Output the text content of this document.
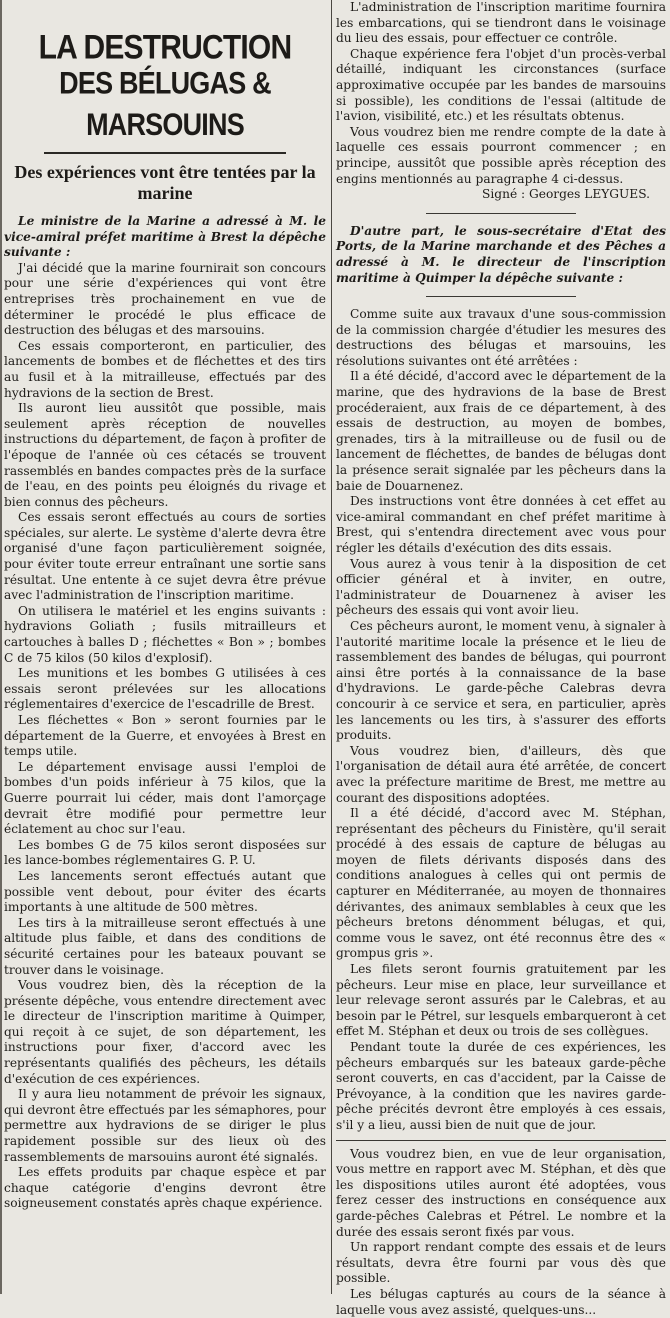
LA DESTRUCTION
DES BÉLUGAS & MARSOUINS
Des expériences vont être tentées par la marine

Le ministre de la Marine a adressé à M. le vice-amiral préfet maritime à Brest la dépêche suivante :

J'ai décidé que la marine fournirait son concours pour une série d'expériences qui vont être entreprises très prochainement en vue de déterminer le procédé le plus efficace de destruction des bélugas et des marsouins.

Ces essais comporteront, en particulier, des lancements de bombes et de fléchettes et des tirs au fusil et à la mitrailleuse, effectués par des hydravions de la section de Brest.

Ils auront lieu aussitôt que possible, mais seulement après réception de nouvelles instructions du département, de façon à profiter de l'époque de l'année où ces cétacés se trouvent rassemblés en bandes compactes près de la surface de l'eau, en des points peu éloignés du rivage et bien connus des pêcheurs.

Ces essais seront effectués au cours de sorties spéciales, sur alerte. Le système d'alerte devra être organisé d'une façon particulièrement soignée, pour éviter toute erreur entraînant une sortie sans résultat. Une entente à ce sujet devra être prévue avec l'administration de l'inscription maritime.

On utilisera le matériel et les engins suivants : hydravions Goliath ; fusils mitrailleurs et cartouches à balles D ; fléchettes « Bon » ; bombes C de 75 kilos (50 kilos d'explosif).

Les munitions et les bombes G utilisées à ces essais seront prélevées sur les allocations réglementaires d'exercice de l'escadrille de Brest.

Les fléchettes « Bon » seront fournies par le département de la Guerre, et envoyées à Brest en temps utile.

Le département envisage aussi l'emploi de bombes d'un poids inférieur à 75 kilos, que la Guerre pourrait lui céder, mais dont l'amorçage devrait être modifié pour permettre leur éclatement au choc sur l'eau.

Les bombes G de 75 kilos seront disposées sur les lance-bombes réglementaires G. P. U.

Les lancements seront effectués autant que possible vent debout, pour éviter des écarts importants à une altitude de 500 mètres.

Les tirs à la mitrailleuse seront effectués à une altitude plus faible, et dans des conditions de sécurité certaines pour les bateaux pouvant se trouver dans le voisinage.

Vous voudrez bien, dès la réception de la présente dépêche, vous entendre directement avec le directeur de l'inscription maritime à Quimper, qui reçoit à ce sujet, de son département, les instructions pour fixer, d'accord avec les représentants qualifiés des pêcheurs, les détails d'exécution de ces expériences.

Il y aura lieu notamment de prévoir les signaux, qui devront être effectués par les sémaphores, pour permettre aux hydravions de se diriger le plus rapidement possible sur des lieux où des rassemblements de marsouins auront été signalés.

Les effets produits par chaque espèce et par chaque catégorie d'engins devront être soigneusement constatés après chaque expérience.

L'administration de l'inscription maritime fournira les embarcations, qui se tiendront dans le voisinage du lieu des essais, pour effectuer ce contrôle.

Chaque expérience fera l'objet d'un procès-verbal détaillé, indiquant les circonstances (surface approximative occupée par les bandes de marsouins si possible), les conditions de l'essai (altitude de l'avion, visibilité, etc.) et les résultats obtenus.

Vous voudrez bien me rendre compte de la date à laquelle ces essais pourront commencer ; en principe, aussitôt que possible après réception des engins mentionnés au paragraphe 4 ci-dessus.

Signé : Georges LEYGUES.

D'autre part, le sous-secrétaire d'Etat des Ports, de la Marine marchande et des Pêches a adressé à M. le directeur de l'inscription maritime à Quimper la dépêche suivante :

Comme suite aux travaux d'une sous-commission de la commission chargée d'étudier les mesures des destructions des bélugas et marsouins, les résolutions suivantes ont été arrêtées :

Il a été décidé, d'accord avec le département de la marine, que des hydravions de la base de Brest procéderaient, aux frais de ce département, à des essais de destruction, au moyen de bombes, grenades, tirs à la mitrailleuse ou de fusil ou de lancement de fléchettes, de bandes de bélugas dont la présence serait signalée par les pêcheurs dans la baie de Douarnenez.

Des instructions vont être données à cet effet au vice-amiral commandant en chef préfet maritime à Brest, qui s'entendra directement avec vous pour régler les détails d'exécution des dits essais.

Vous aurez à vous tenir à la disposition de cet officier général et à inviter, en outre, l'administrateur de Douarnenez à aviser les pêcheurs des essais qui vont avoir lieu.

Ces pêcheurs auront, le moment venu, à signaler à l'autorité maritime locale la présence et le lieu de rassemblement des bandes de bélugas, qui pourront ainsi être portés à la connaissance de la base d'hydravions. Le garde-pêche Calebras devra concourir à ce service et sera, en particulier, après les lancements ou les tirs, à s'assurer des efforts produits.

Vous voudrez bien, d'ailleurs, dès que l'organisation de détail aura été arrêtée, de concert avec la préfecture maritime de Brest, me mettre au courant des dispositions adoptées.

Il a été décidé, d'accord avec M. Stéphan, représentant des pêcheurs du Finistère, qu'il serait procédé à des essais de capture de bélugas au moyen de filets dérivants disposés dans des conditions analogues à celles qui ont permis de capturer en Méditerranée, au moyen de thonnaires dérivantes, des animaux semblables à ceux que les pêcheurs bretons dénomment bélugas, et qui, comme vous le savez, ont été reconnus être des « grompus gris ».

Les filets seront fournis gratuitement par les pêcheurs. Leur mise en place, leur surveillance et leur relevage seront assurés par le Calebras, et au besoin par le Pétrel, sur lesquels embarqueront à cet effet M. Stéphan et deux ou trois de ses collègues.

Pendant toute la durée de ces expériences, les pêcheurs embarqués sur les bateaux garde-pêche seront couverts, en cas d'accident, par la Caisse de Prévoyance, à la condition que les navires garde-pêche précités devront être employés à ces essais, s'il y a lieu, aussi bien de nuit que de jour.

Vous voudrez bien, en vue de leur organisation, vous mettre en rapport avec M. Stéphan, et dès que les dispositions utiles auront été adoptées, vous ferez cesser des instructions en conséquence aux garde-pêches Calebras et Pétrel. Le nombre et la durée des essais seront fixés par vous.

Un rapport rendant compte des essais et de leurs résultats, devra être fourni par vous dès que possible.

Les bélugas capturés au cours de la séance à laquelle vous avez assisté, quelques-uns...
